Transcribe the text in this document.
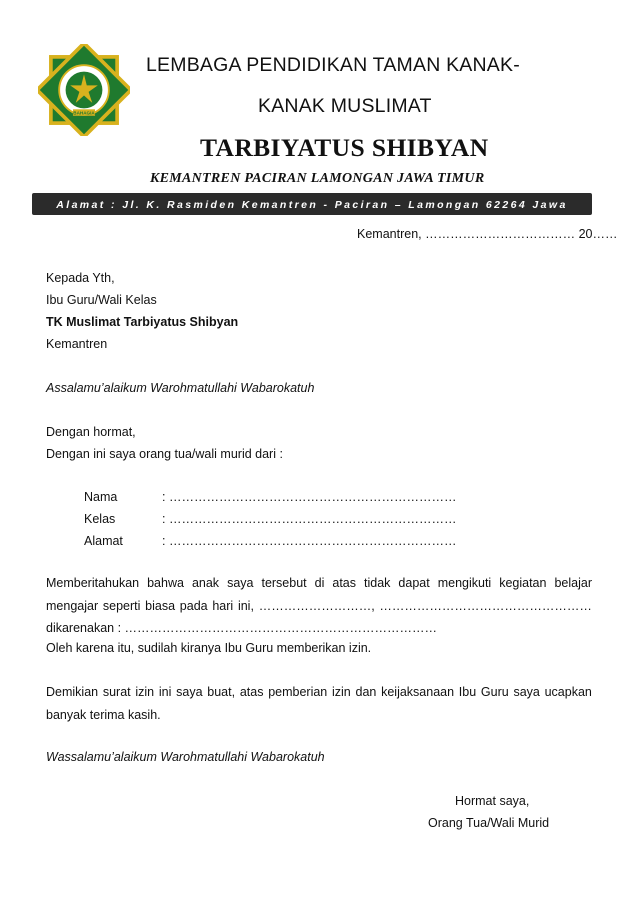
BAHAGIA
LEMBAGA PENDIDIKAN TAMAN KANAK-
KANAK MUSLIMAT
TARBIYATUS SHIBYAN
KEMANTREN PACIRAN LAMONGAN JAWA TIMUR
Alamat : Jl. K. Rasmiden Kemantren - Paciran – Lamongan 62264 Jawa
Kemantren, ……………………………… 20……
Kepada Yth,
Ibu Guru/Wali Kelas
TK Muslimat Tarbiyatus Shibyan
Kemantren
Assalamu’alaikum Warohmatullahi Wabarokatuh
Dengan hormat,
Dengan ini saya orang tua/wali murid dari :
Nama	: ……………………………………………………………
Kelas	: ……………………………………………………………
Alamat	: ……………………………………………………………
Memberitahukan bahwa anak saya tersebut di atas tidak dapat mengikuti kegiatan belajar
mengajar seperti biasa pada hari ini, ………………………, ……………………………………………
dikarenakan : …………………………………………………………………
Oleh karena itu, sudilah kiranya Ibu Guru memberikan izin.
Demikian surat izin ini saya buat, atas pemberian izin dan keijaksanaan Ibu Guru saya ucapkan
banyak terima kasih.
Wassalamu’alaikum Warohmatullahi Wabarokatuh
Hormat saya,
Orang Tua/Wali Murid
